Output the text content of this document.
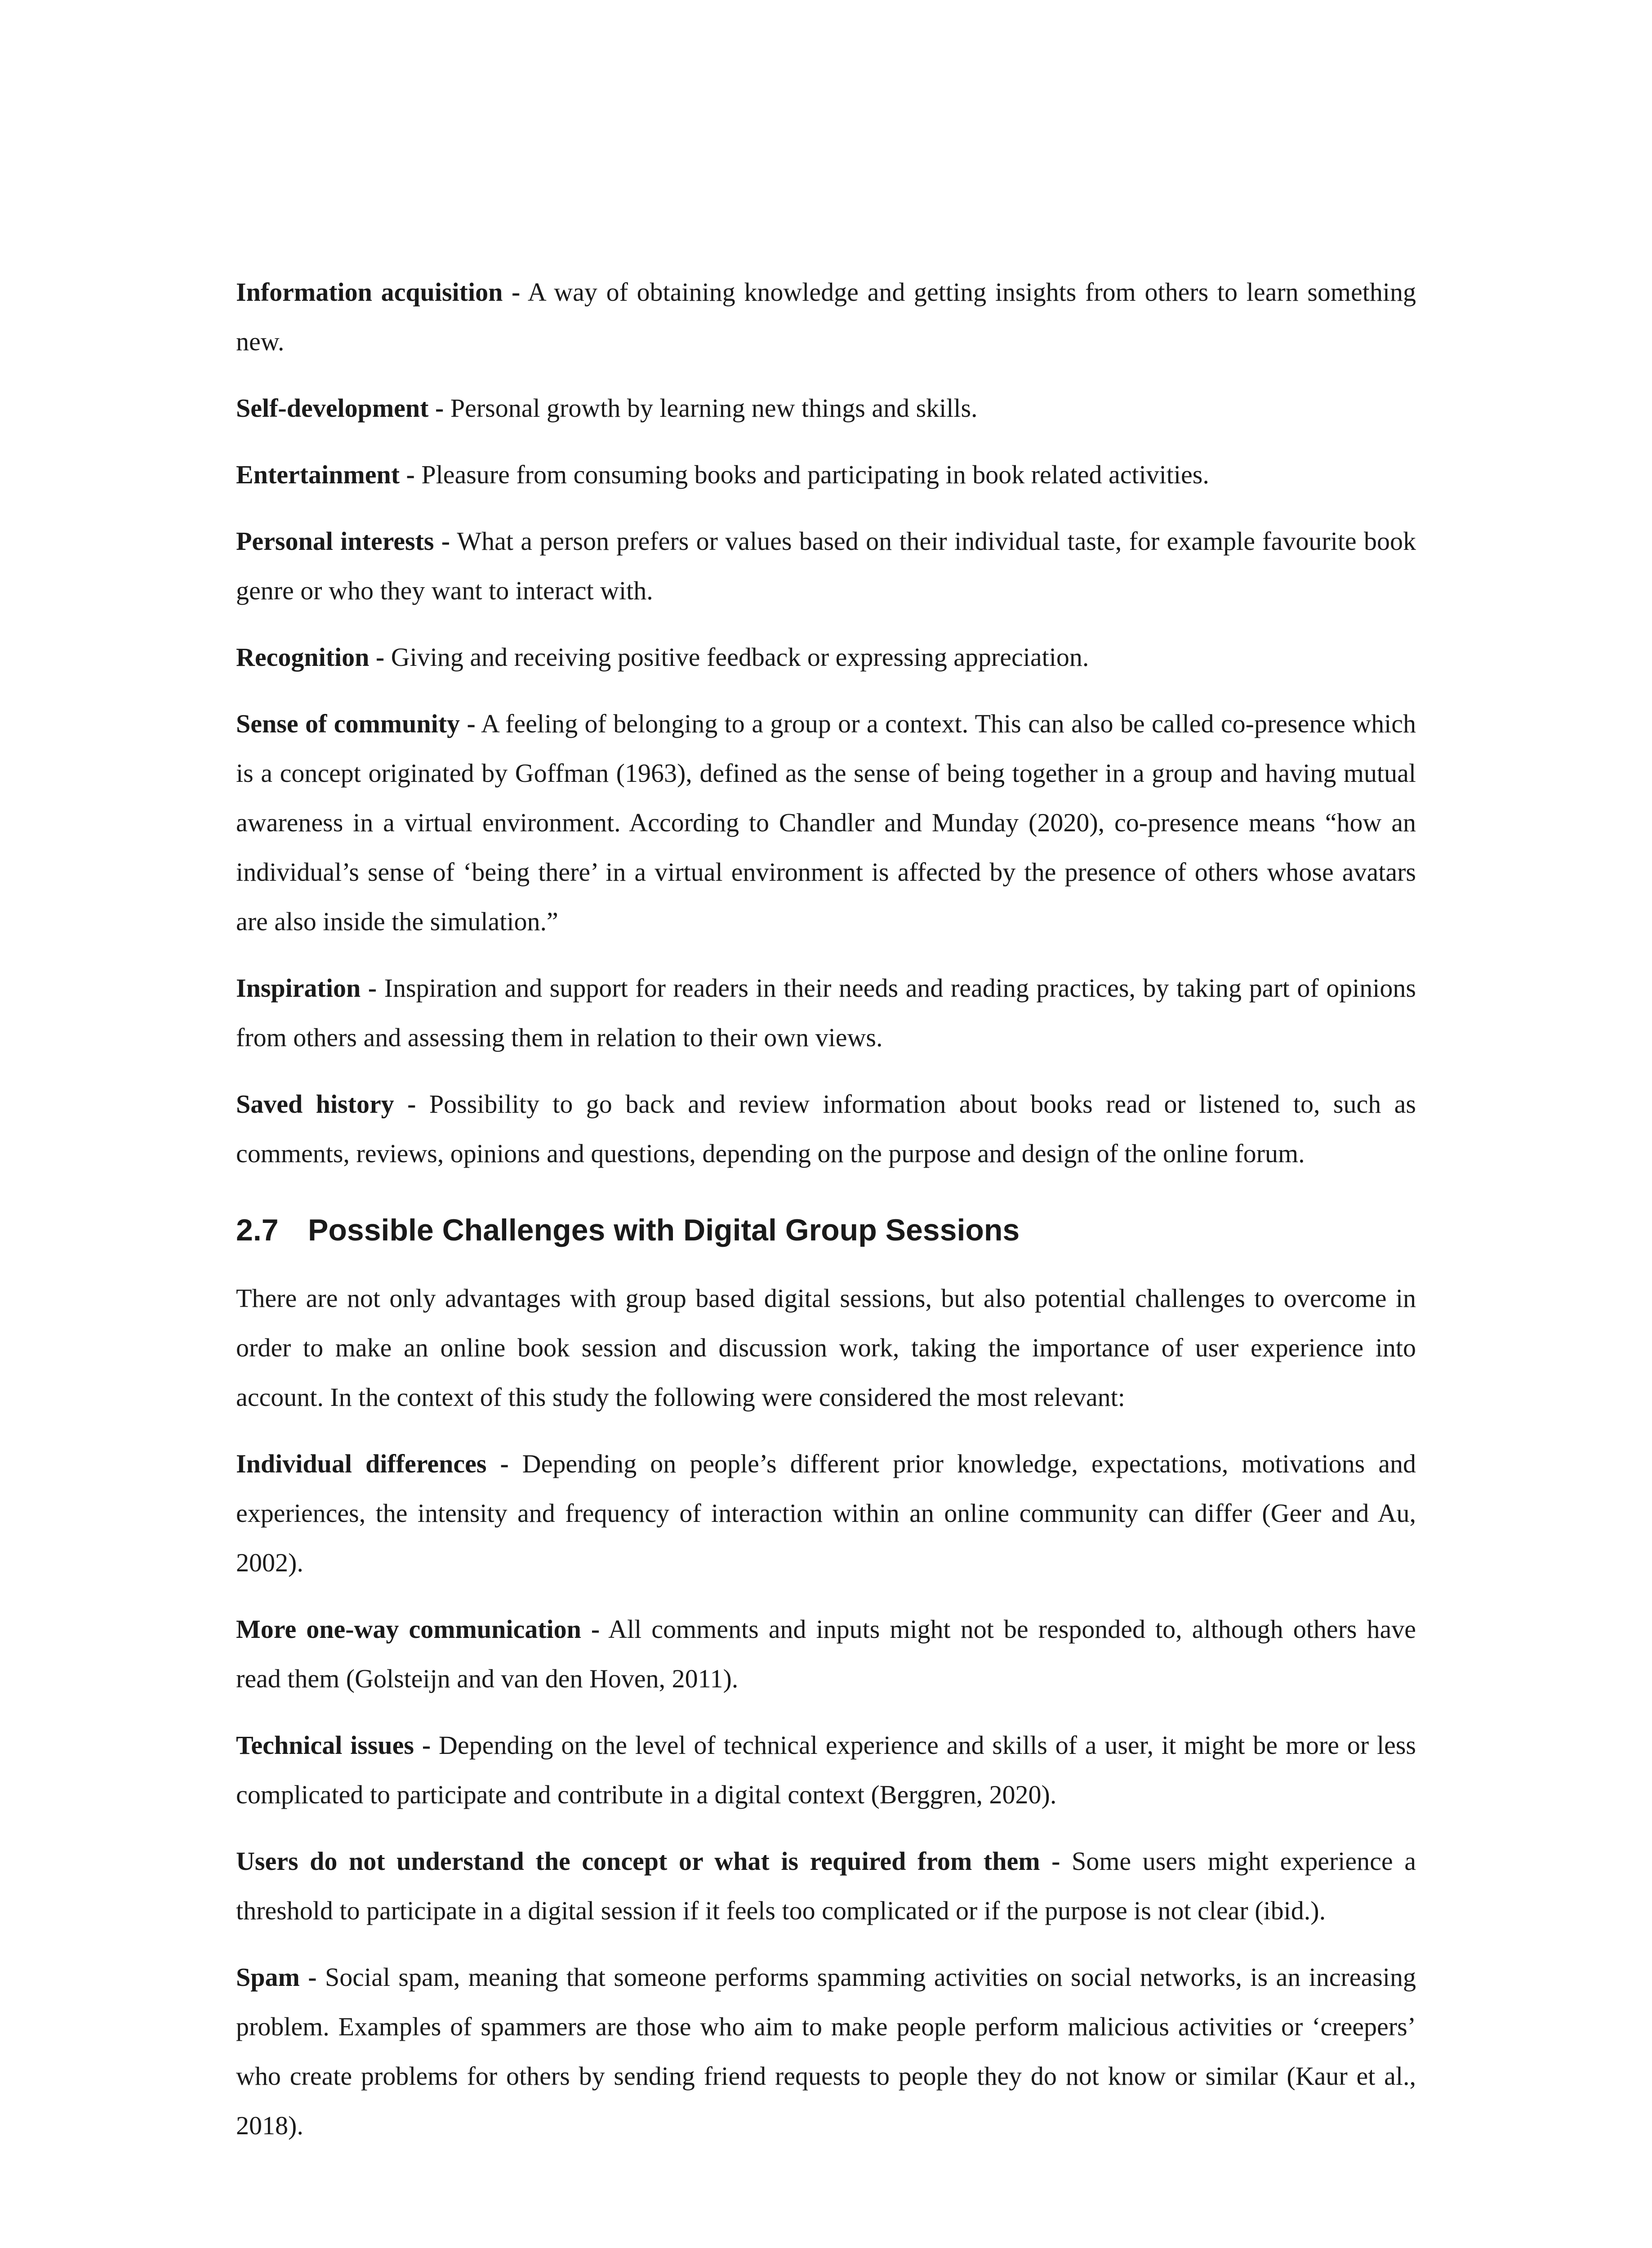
Information acquisition - A way of obtaining knowledge and getting insights from others to learn something new.

Self-development - Personal growth by learning new things and skills.

Entertainment - Pleasure from consuming books and participating in book related activities.

Personal interests - What a person prefers or values based on their individual taste, for example favourite book genre or who they want to interact with.

Recognition - Giving and receiving positive feedback or expressing appreciation.

Sense of community - A feeling of belonging to a group or a context. This can also be called co-presence which is a concept originated by Goffman (1963), defined as the sense of being together in a group and having mutual awareness in a virtual environment. According to Chandler and Munday (2020), co-presence means “how an individual’s sense of ‘being there’ in a virtual environment is affected by the presence of others whose avatars are also inside the simulation.”

Inspiration - Inspiration and support for readers in their needs and reading practices, by taking part of opinions from others and assessing them in relation to their own views.

Saved history - Possibility to go back and review information about books read or listened to, such as comments, reviews, opinions and questions, depending on the purpose and design of the online forum.

2.7 Possible Challenges with Digital Group Sessions

There are not only advantages with group based digital sessions, but also potential challenges to overcome in order to make an online book session and discussion work, taking the importance of user experience into account. In the context of this study the following were considered the most relevant:

Individual differences - Depending on people’s different prior knowledge, expectations, motivations and experiences, the intensity and frequency of interaction within an online community can differ (Geer and Au, 2002).

More one-way communication - All comments and inputs might not be responded to, although others have read them (Golsteijn and van den Hoven, 2011).

Technical issues - Depending on the level of technical experience and skills of a user, it might be more or less complicated to participate and contribute in a digital context (Berggren, 2020).

Users do not understand the concept or what is required from them - Some users might experience a threshold to participate in a digital session if it feels too complicated or if the purpose is not clear (ibid.).

Spam - Social spam, meaning that someone performs spamming activities on social networks, is an increasing problem. Examples of spammers are those who aim to make people perform malicious activities or ‘creepers’ who create problems for others by sending friend requests to people they do not know or similar (Kaur et al., 2018).
